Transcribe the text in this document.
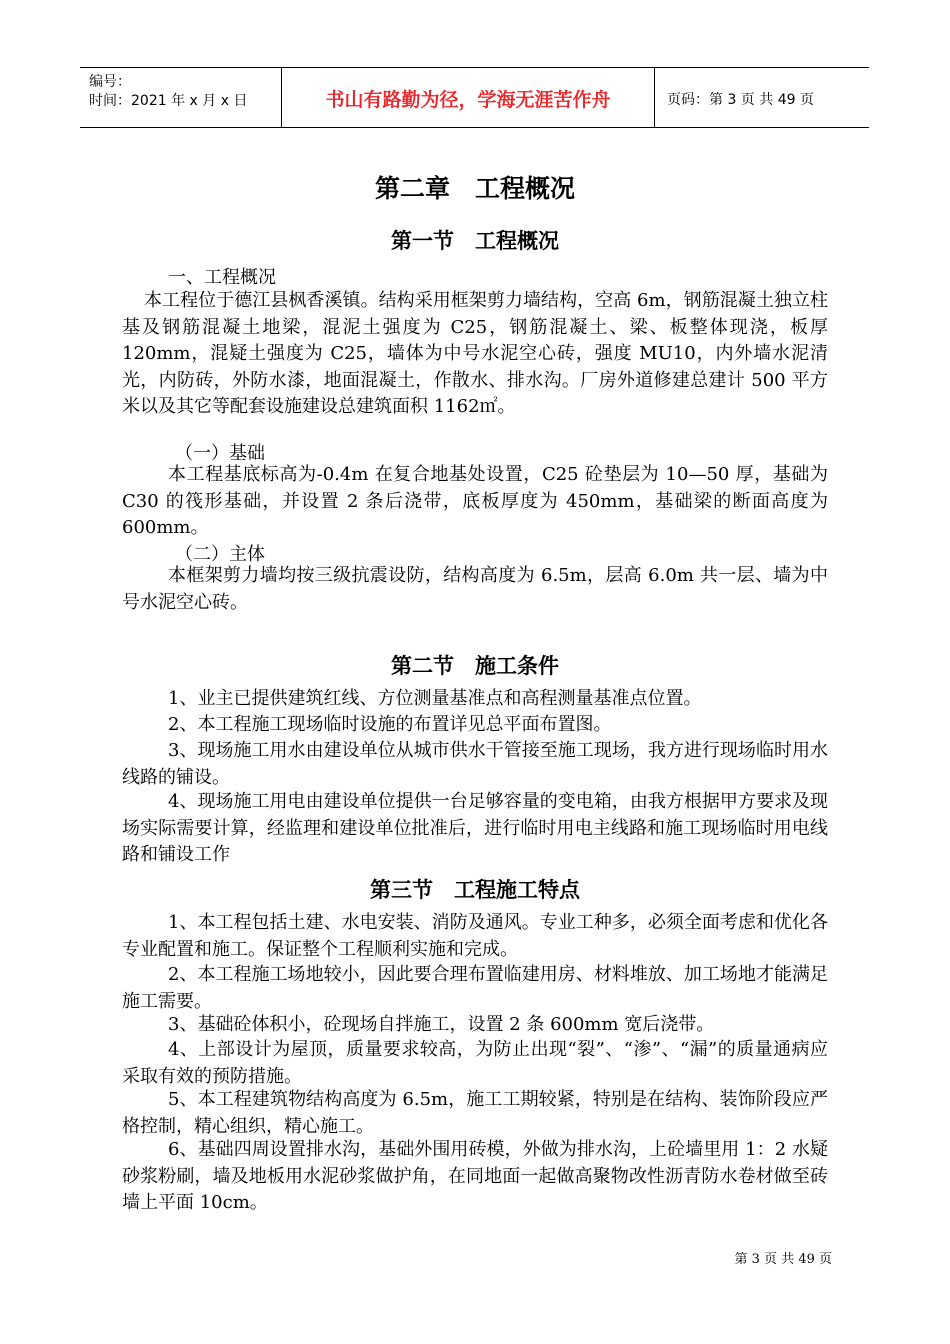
编号：
时间：2021 年 x 月 x 日	书山有路勤为径，学海无涯苦作舟	页码：第 3 页 共 49 页
第二章　工程概况
第一节　工程概况
一、工程概况
本工程位于德江县枫香溪镇。结构采用框架剪力墙结构，空高 6m，钢筋混凝土独立柱基及钢筋混凝土地梁，混泥土强度为 C25，钢筋混凝土、梁、板整体现浇，板厚 120mm，混疑土强度为 C25，墙体为中号水泥空心砖，强度 MU10，内外墙水泥清光，内防砖，外防水漆，地面混凝土，作散水、排水沟。厂房外道修建总建计 500 平方米以及其它等配套设施建设总建筑面积 1162㎡。
（一）基础
本工程基底标高为-0.4m 在复合地基处设置，C25 砼垫层为 10—50 厚，基础为 C30 的筏形基础，并设置 2 条后浇带，底板厚度为 450mm，基础梁的断面高度为 600mm。
（二）主体
本框架剪力墙均按三级抗震设防，结构高度为 6.5m，层高 6.0m 共一层、墙为中号水泥空心砖。
第二节　施工条件
1、业主已提供建筑红线、方位测量基准点和高程测量基准点位置。
2、本工程施工现场临时设施的布置详见总平面布置图。
3、现场施工用水由建设单位从城市供水干管接至施工现场，我方进行现场临时用水线路的铺设。
4、现场施工用电由建设单位提供一台足够容量的变电箱，由我方根据甲方要求及现场实际需要计算，经监理和建设单位批准后，进行临时用电主线路和施工现场临时用电线路和铺设工作
第三节　工程施工特点
1、本工程包括土建、水电安装、消防及通风。专业工种多，必须全面考虑和优化各专业配置和施工。保证整个工程顺利实施和完成。
2、本工程施工场地较小，因此要合理布置临建用房、材料堆放、加工场地才能满足施工需要。
3、基础砼体积小，砼现场自拌施工，设置 2 条 600mm 宽后浇带。
4、上部设计为屋顶，质量要求较高，为防止出现“裂”、“渗”、“漏”的质量通病应采取有效的预防措施。
5、本工程建筑物结构高度为 6.5m，施工工期较紧，特别是在结构、装饰阶段应严格控制，精心组织，精心施工。
6、基础四周设置排水沟，基础外围用砖模，外做为排水沟，上砼墙里用 1：2 水疑砂浆粉刷，墙及地板用水泥砂浆做护角，在同地面一起做高聚物改性沥青防水卷材做至砖墙上平面 10cm。
第 3 页 共 49 页
